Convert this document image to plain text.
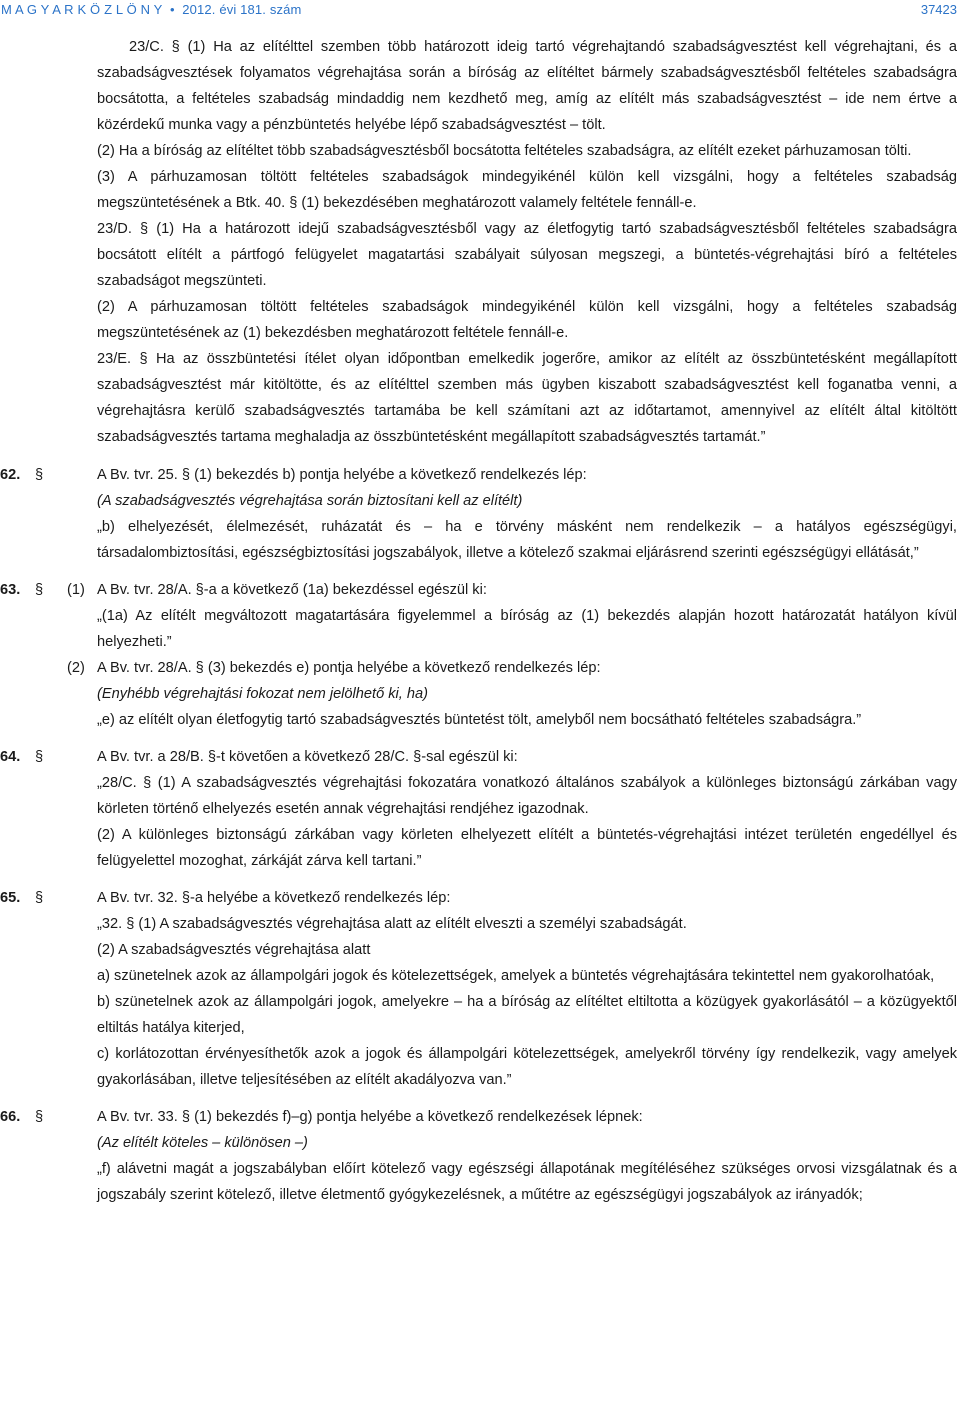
M A G Y A R K Ö Z L Ö N Y • 2012. évi 181. szám	37423

23/C. § (1) Ha az elítélttel szemben több határozott ideig tartó végrehajtandó szabadságvesztést kell végrehajtani, és a szabadságvesztések folyamatos végrehajtása során a bíróság az elítéltet bármely szabadságvesztésből feltételes szabadságra bocsátotta, a feltételes szabadság mindaddig nem kezdhető meg, amíg az elítélt más szabadságvesztést – ide nem értve a közérdekű munka vagy a pénzbüntetés helyébe lépő szabadságvesztést – tölt.

(2) Ha a bíróság az elítéltet több szabadságvesztésből bocsátotta feltételes szabadságra, az elítélt ezeket párhuzamosan tölti.

(3) A párhuzamosan töltött feltételes szabadságok mindegyikénél külön kell vizsgálni, hogy a feltételes szabadság megszüntetésének a Btk. 40. § (1) bekezdésében meghatározott valamely feltétele fennáll-e.

23/D. § (1) Ha a határozott idejű szabadságvesztésből vagy az életfogytig tartó szabadságvesztésből feltételes szabadságra bocsátott elítélt a pártfogó felügyelet magatartási szabályait súlyosan megszegi, a büntetés-végrehajtási bíró a feltételes szabadságot megszünteti.

(2) A párhuzamosan töltött feltételes szabadságok mindegyikénél külön kell vizsgálni, hogy a feltételes szabadság megszüntetésének az (1) bekezdésben meghatározott feltétele fennáll-e.

23/E. § Ha az összbüntetési ítélet olyan időpontban emelkedik jogerőre, amikor az elítélt az összbüntetésként megállapított szabadságvesztést már kitöltötte, és az elítélttel szemben más ügyben kiszabott szabadságvesztést kell foganatba venni, a végrehajtásra kerülő szabadságvesztés tartamába be kell számítani azt az időtartamot, amennyivel az elítélt által kitöltött szabadságvesztés tartama meghaladja az összbüntetésként megállapított szabadságvesztés tartamát.”

62. §	A Bv. tvr. 25. § (1) bekezdés b) pontja helyébe a következő rendelkezés lép:

(A szabadságvesztés végrehajtása során biztosítani kell az elítélt)

„b) elhelyezését, élelmezését, ruházatát és – ha e törvény másként nem rendelkezik – a hatályos egészségügyi, társadalombiztosítási, egészségbiztosítási jogszabályok, illetve a kötelező szakmai eljárásrend szerinti egészségügyi ellátását,”

63. § (1) A Bv. tvr. 28/A. §-a a következő (1a) bekezdéssel egészül ki:

„(1a) Az elítélt megváltozott magatartására figyelemmel a bíróság az (1) bekezdés alapján hozott határozatát hatályon kívül helyezheti.”

(2) A Bv. tvr. 28/A. § (3) bekezdés e) pontja helyébe a következő rendelkezés lép:

(Enyhébb végrehajtási fokozat nem jelölhető ki, ha)

„e) az elítélt olyan életfogytig tartó szabadságvesztés büntetést tölt, amelyből nem bocsátható feltételes szabadságra.”

64. §	A Bv. tvr. a 28/B. §-t követően a következő 28/C. §-sal egészül ki:

„28/C. § (1) A szabadságvesztés végrehajtási fokozatára vonatkozó általános szabályok a különleges biztonságú zárkában vagy körleten történő elhelyezés esetén annak végrehajtási rendjéhez igazodnak.

(2) A különleges biztonságú zárkában vagy körleten elhelyezett elítélt a büntetés-végrehajtási intézet területén engedéllyel és felügyelettel mozoghat, zárkáját zárva kell tartani.”

65. §	A Bv. tvr. 32. §-a helyébe a következő rendelkezés lép:

„32. § (1) A szabadságvesztés végrehajtása alatt az elítélt elveszti a személyi szabadságát.

(2) A szabadságvesztés végrehajtása alatt

a) szünetelnek azok az állampolgári jogok és kötelezettségek, amelyek a büntetés végrehajtására tekintettel nem gyakorolhatóak,

b) szünetelnek azok az állampolgári jogok, amelyekre – ha a bíróság az elítéltet eltiltotta a közügyek gyakorlásától – a közügyektől eltiltás hatálya kiterjed,

c) korlátozottan érvényesíthetők azok a jogok és állampolgári kötelezettségek, amelyekről törvény így rendelkezik, vagy amelyek gyakorlásában, illetve teljesítésében az elítélt akadályozva van.”

66. §	A Bv. tvr. 33. § (1) bekezdés f)–g) pontja helyébe a következő rendelkezések lépnek:

(Az elítélt köteles – különösen –)

„f) alávetni magát a jogszabályban előírt kötelező vagy egészségi állapotának megítéléséhez szükséges orvosi vizsgálatnak és a jogszabály szerint kötelező, illetve életmentő gyógykezelésnek, a műtétre az egészségügyi jogszabályok az irányadók;
